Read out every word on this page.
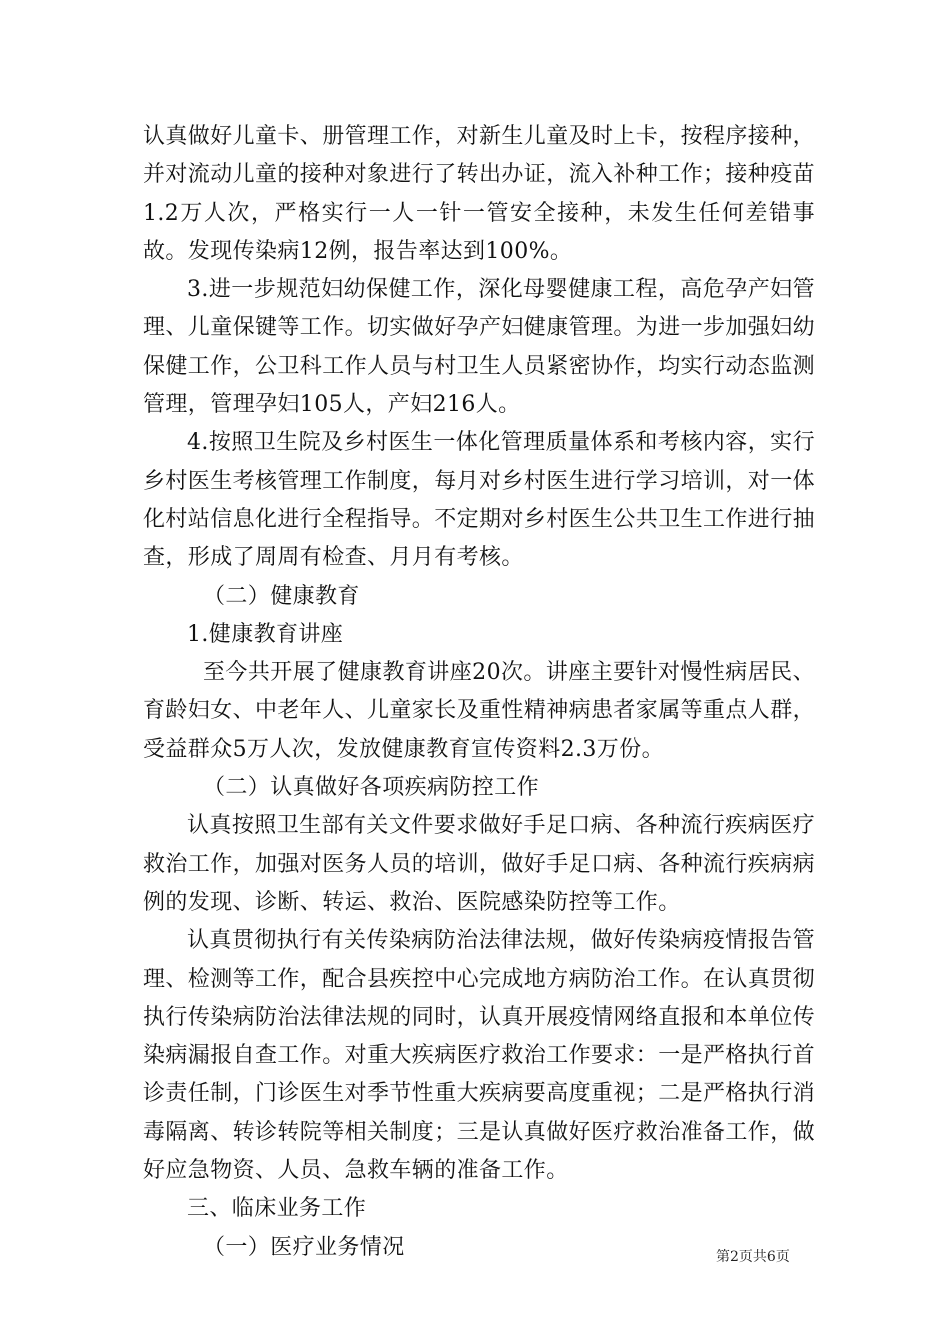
认真做好儿童卡、册管理工作，对新生儿童及时上卡，按程序接种，并对流动儿童的接种对象进行了转出办证，流入补种工作；接种疫苗1.2万人次，严格实行一人一针一管安全接种，未发生任何差错事故。发现传染病12例，报告率达到100%。

3.进一步规范妇幼保健工作，深化母婴健康工程，高危孕产妇管理、儿童保键等工作。切实做好孕产妇健康管理。为进一步加强妇幼保健工作，公卫科工作人员与村卫生人员紧密协作，均实行动态监测管理，管理孕妇105人，产妇216人。

4.按照卫生院及乡村医生一体化管理质量体系和考核内容，实行乡村医生考核管理工作制度，每月对乡村医生进行学习培训，对一体化村站信息化进行全程指导。不定期对乡村医生公共卫生工作进行抽查，形成了周周有检查、月月有考核。

（二）健康教育

1.健康教育讲座

至今共开展了健康教育讲座20次。讲座主要针对慢性病居民、育龄妇女、中老年人、儿童家长及重性精神病患者家属等重点人群，受益群众5万人次，发放健康教育宣传资料2.3万份。

（二）认真做好各项疾病防控工作

认真按照卫生部有关文件要求做好手足口病、各种流行疾病医疗救治工作，加强对医务人员的培训，做好手足口病、各种流行疾病病例的发现、诊断、转运、救治、医院感染防控等工作。

认真贯彻执行有关传染病防治法律法规，做好传染病疫情报告管理、检测等工作，配合县疾控中心完成地方病防治工作。在认真贯彻执行传染病防治法律法规的同时，认真开展疫情网络直报和本单位传染病漏报自查工作。对重大疾病医疗救治工作要求：一是严格执行首诊责任制，门诊医生对季节性重大疾病要高度重视；二是严格执行消毒隔离、转诊转院等相关制度；三是认真做好医疗救治准备工作，做好应急物资、人员、急救车辆的准备工作。

三、临床业务工作

（一）医疗业务情况	第2页共6页
